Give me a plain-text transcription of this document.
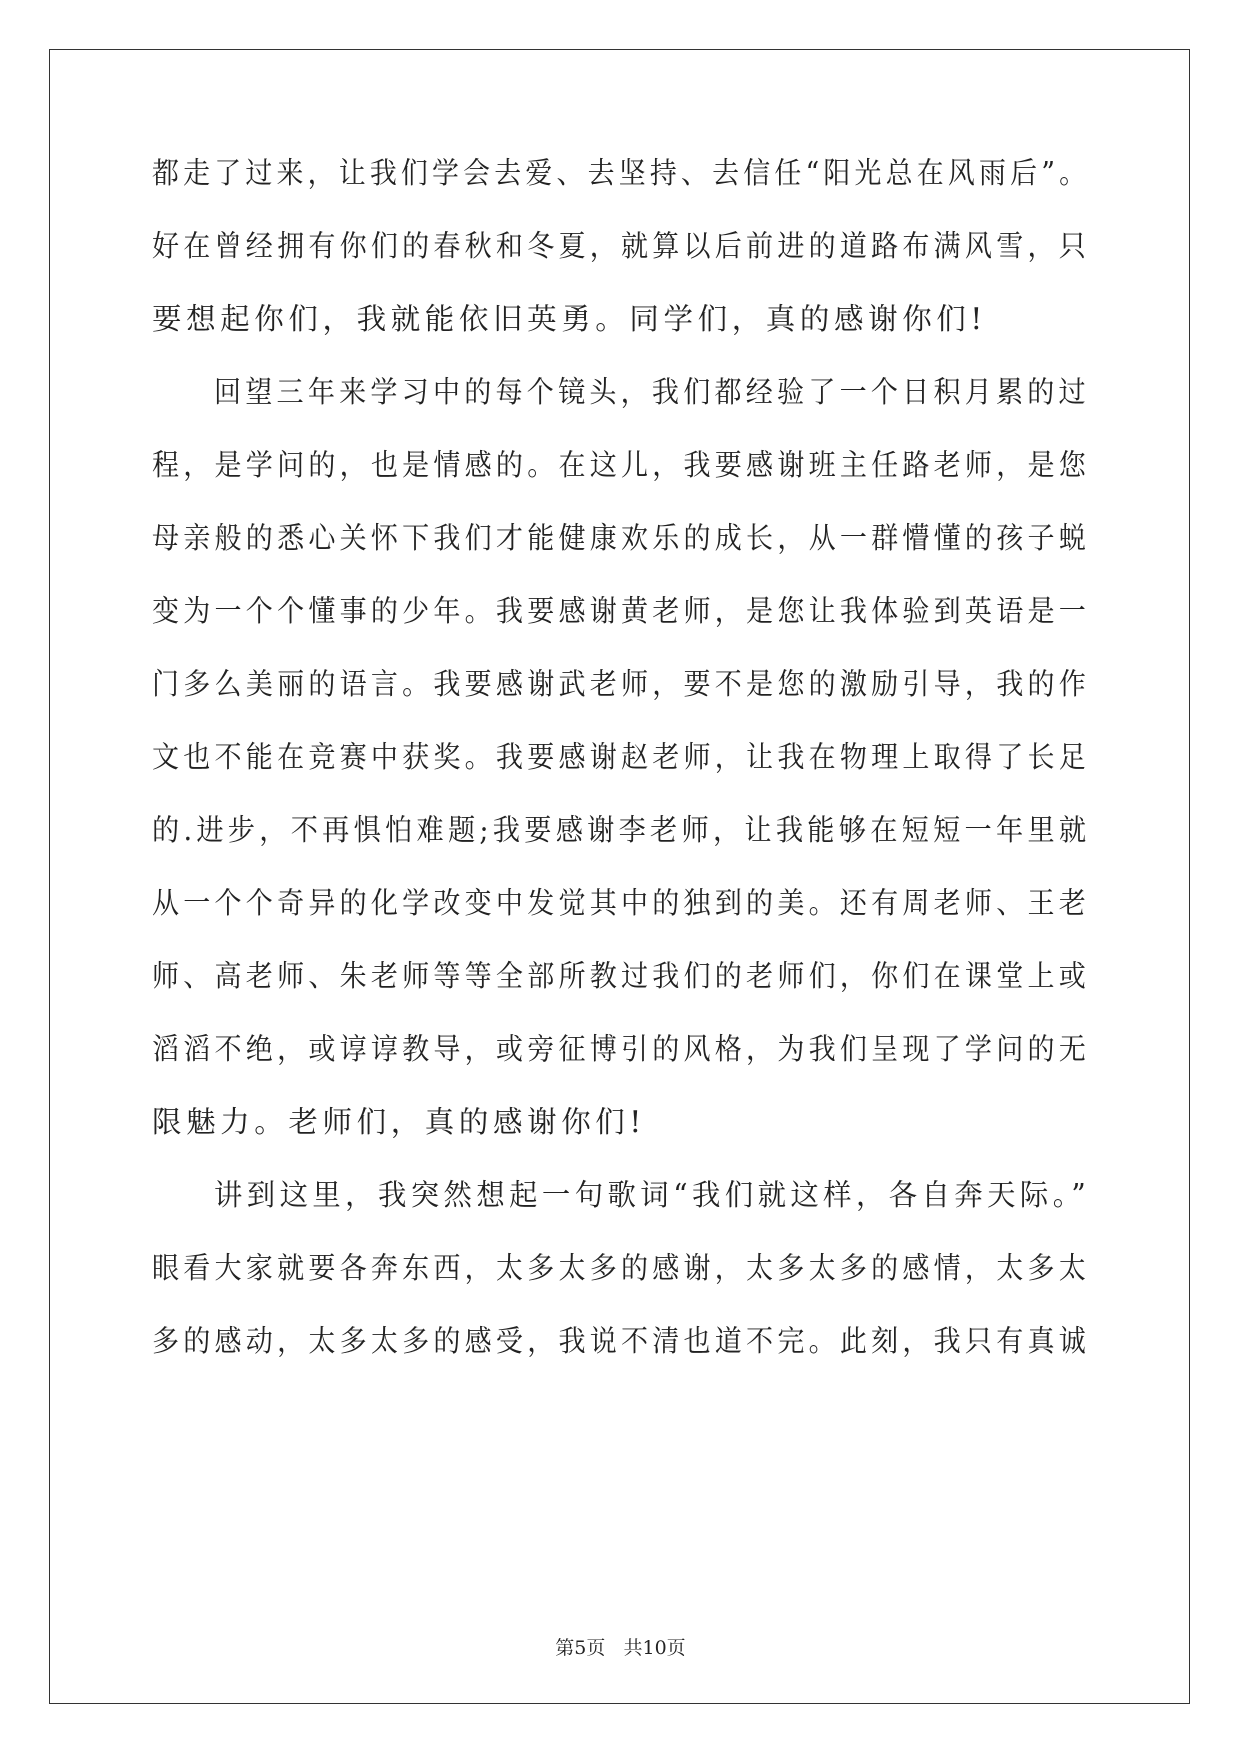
都走了过来，让我们学会去爱、去坚持、去信任“阳光总在风雨后”。
好在曾经拥有你们的春秋和冬夏，就算以后前进的道路布满风雪，只
要想起你们，我就能依旧英勇。同学们，真的感谢你们!
回望三年来学习中的每个镜头，我们都经验了一个日积月累的过
程，是学问的，也是情感的。在这儿，我要感谢班主任路老师，是您
母亲般的悉心关怀下我们才能健康欢乐的成长，从一群懵懂的孩子蜕
变为一个个懂事的少年。我要感谢黄老师，是您让我体验到英语是一
门多么美丽的语言。我要感谢武老师，要不是您的激励引导，我的作
文也不能在竞赛中获奖。我要感谢赵老师，让我在物理上取得了长足
的.进步，不再惧怕难题;我要感谢李老师，让我能够在短短一年里就
从一个个奇异的化学改变中发觉其中的独到的美。还有周老师、王老
师、高老师、朱老师等等全部所教过我们的老师们，你们在课堂上或
滔滔不绝，或谆谆教导，或旁征博引的风格，为我们呈现了学问的无
限魅力。老师们，真的感谢你们!
讲到这里，我突然想起一句歌词“我们就这样，各自奔天际。”
眼看大家就要各奔东西，太多太多的感谢，太多太多的感情，太多太
多的感动，太多太多的感受，我说不清也道不完。此刻，我只有真诚
第5页   共10页
